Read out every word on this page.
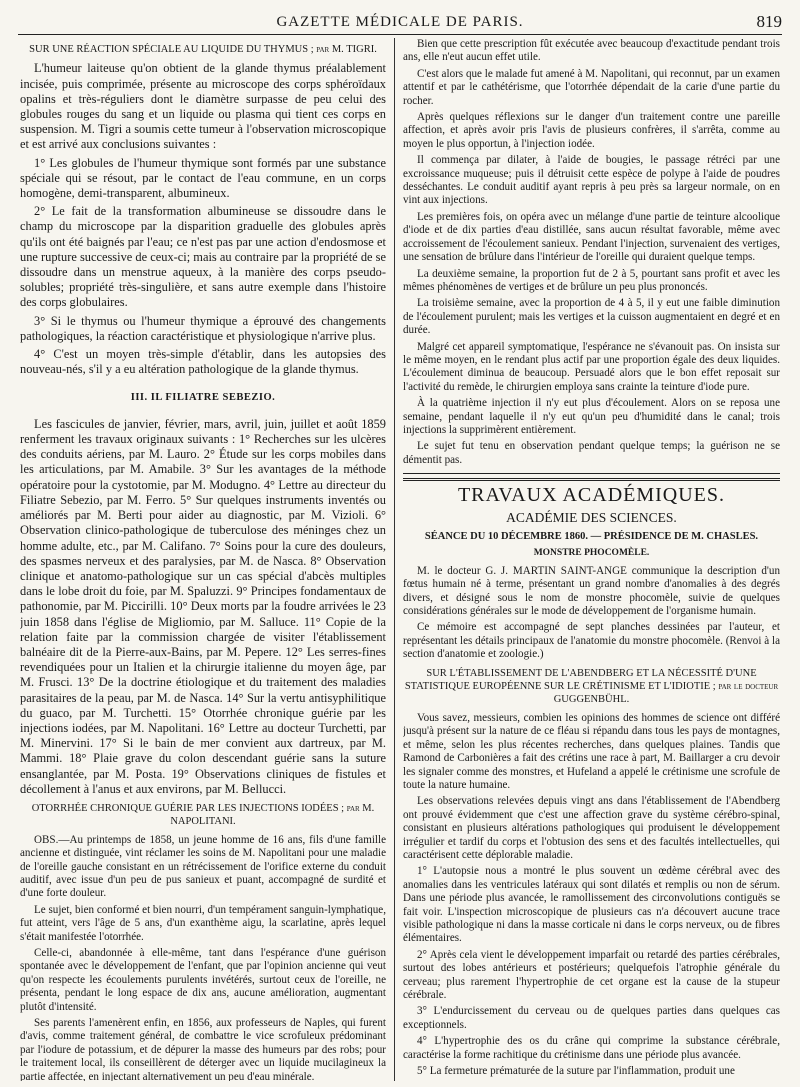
GAZETTE MÉDICALE DE PARIS.	819

SUR UNE RÉACTION SPÉCIALE AU LIQUIDE DU THYMUS ; par M. TIGRI.

L'humeur laiteuse qu'on obtient de la glande thymus préalablement incisée, puis comprimée, présente au microscope des corps sphéroïdaux opalins et très-réguliers dont le diamètre surpasse de peu celui des globules rouges du sang et un liquide ou plasma qui tient ces corps en suspension. M. Tigri a soumis cette tumeur à l'observation microscopique et est arrivé aux conclusions suivantes :

1° Les globules de l'humeur thymique sont formés par une substance spéciale qui se résout, par le contact de l'eau commune, en un corps homogène, demi-transparent, albumineux.

2° Le fait de la transformation albumineuse se dissoudre dans le champ du microscope par la disparition graduelle des globules après qu'ils ont été baignés par l'eau; ce n'est pas par une action d'endosmose et une rupture successive de ceux-ci; mais au contraire par la propriété de se dissoudre dans un menstrue aqueux, à la manière des corps pseudo-solubles; propriété très-singulière, et sans autre exemple dans l'histoire des corps globulaires.

3° Si le thymus ou l'humeur thymique a éprouvé des changements pathologiques, la réaction caractéristique et physiologique n'arrive plus.

4° C'est un moyen très-simple d'établir, dans les autopsies des nouveau-nés, s'il y a eu altération pathologique de la glande thymus.

III. IL FILIATRE SEBEZIO.

Les fascicules de janvier, février, mars, avril, juin, juillet et août 1859 renferment les travaux originaux suivants : 1° Recherches sur les ulcères des conduits aériens, par M. Lauro. 2° Étude sur les corps mobiles dans les articulations, par M. Amabile. 3° Sur les avantages de la méthode opératoire pour la cystotomie, par M. Modugno. 4° Lettre au directeur du Filiatre Sebezio, par M. Ferro. 5° Sur quelques instruments inventés ou améliorés par M. Berti pour aider au diagnostic, par M. Vizioli. 6° Observation clinico-pathologique de tuberculose des méninges chez un homme adulte, etc., par M. Califano. 7° Soins pour la cure des douleurs, des spasmes nerveux et des paralysies, par M. de Nasca. 8° Observation clinique et anatomo-pathologique sur un cas spécial d'abcès multiples dans le lobe droit du foie, par M. Spaluzzi. 9° Principes fondamentaux de pathonomie, par M. Piccirilli. 10° Deux morts par la foudre arrivées le 23 juin 1858 dans l'église de Migliomio, par M. Salluce. 11° Copie de la relation faite par la commission chargée de visiter l'établissement balnéaire dit de la Pierre-aux-Bains, par M. Pepere. 12° Les serres-fines revendiquées pour un Italien et la chirurgie italienne du moyen âge, par M. Frusci. 13° De la doctrine étiologique et du traitement des maladies parasitaires de la peau, par M. de Nasca. 14° Sur la vertu antisyphilitique du guaco, par M. Turchetti. 15° Otorrhée chronique guérie par les injections iodées, par M. Napolitani. 16° Lettre au docteur Turchetti, par M. Minervini. 17° Si le bain de mer convient aux dartreux, par M. Mammi. 18° Plaie grave du colon descendant guérie sans la suture ensanglantée, par M. Posta. 19° Observations cliniques de fistules et décollement à l'anus et aux environs, par M. Bellucci.

OTORRHÉE CHRONIQUE GUÉRIE PAR LES INJECTIONS IODÉES ; par M. NAPOLITANI.

OBS.—Au printemps de 1858, un jeune homme de 16 ans, fils d'une famille ancienne et distinguée, vint réclamer les soins de M. Napolitani pour une maladie de l'oreille gauche consistant en un rétrécissement de l'orifice externe du conduit auditif, avec issue d'un peu de pus sanieux et puant, accompagné de surdité et d'une forte douleur.

Le sujet, bien conformé et bien nourri, d'un tempérament sanguin-lymphatique, fut atteint, vers l'âge de 5 ans, d'un exanthème aigu, la scarlatine, après lequel s'était manifestée l'otorrhée.

Celle-ci, abandonnée à elle-même, tant dans l'espérance d'une guérison spontanée avec le développement de l'enfant, que par l'opinion ancienne qui veut qu'on respecte les écoulements purulents invétérés, surtout ceux de l'oreille, ne présenta, pendant le long espace de dix ans, aucune amélioration, augmentant plutôt d'intensité.

Ses parents l'amenèrent enfin, en 1856, aux professeurs de Naples, qui furent d'avis, comme traitement général, de combattre le vice scrofuleux prédominant par l'iodure de potassium, et de dépurer la masse des humeurs par des robs; pour le traitement local, ils conseillèrent de déterger avec un liquide mucilagineux la partie affectée, en injectant alternativement un peu d'eau minérale.

Bien que cette prescription fût exécutée avec beaucoup d'exactitude pendant trois ans, elle n'eut aucun effet utile.

C'est alors que le malade fut amené à M. Napolitani, qui reconnut, par un examen attentif et par le cathétérisme, que l'otorrhée dépendait de la carie d'une partie du rocher.

Après quelques réflexions sur le danger d'un traitement contre une pareille affection, et après avoir pris l'avis de plusieurs confrères, il s'arrêta, comme au moyen le plus opportun, à l'injection iodée.

Il commença par dilater, à l'aide de bougies, le passage rétréci par une excroissance muqueuse; puis il détruisit cette espèce de polype à l'aide de poudres desséchantes. Le conduit auditif ayant repris à peu près sa largeur normale, on en vint aux injections.

Les premières fois, on opéra avec un mélange d'une partie de teinture alcoolique d'iode et de dix parties d'eau distillée, sans aucun résultat favorable, même avec accroissement de l'écoulement sanieux. Pendant l'injection, survenaient des vertiges, une sensation de brûlure dans l'intérieur de l'oreille qui duraient quelque temps.

La deuxième semaine, la proportion fut de 2 à 5, pourtant sans profit et avec les mêmes phénomènes de vertiges et de brûlure un peu plus prononcés.

La troisième semaine, avec la proportion de 4 à 5, il y eut une faible diminution de l'écoulement purulent; mais les vertiges et la cuisson augmentaient en degré et en durée.

Malgré cet appareil symptomatique, l'espérance ne s'évanouit pas. On insista sur le même moyen, en le rendant plus actif par une proportion égale des deux liquides. L'écoulement diminua de beaucoup. Persuadé alors que le bon effet reposait sur l'activité du remède, le chirurgien employa sans crainte la teinture d'iode pure.

À la quatrième injection il n'y eut plus d'écoulement. Alors on se reposa une semaine, pendant laquelle il n'y eut qu'un peu d'humidité dans le canal; trois injections la supprimèrent entièrement.

Le sujet fut tenu en observation pendant quelque temps; la guérison ne se démentit pas.

TRAVAUX ACADÉMIQUES.
ACADÉMIE DES SCIENCES.
SÉANCE DU 10 DÉCEMBRE 1860. — PRÉSIDENCE DE M. CHASLES.
MONSTRE PHOCOMÈLE.

M. le docteur G. J. MARTIN SAINT-ANGE communique la description d'un fœtus humain né à terme, présentant un grand nombre d'anomalies à des degrés divers, et désigné sous le nom de monstre phocomèle, suivie de quelques considérations générales sur le mode de développement de l'organisme humain.

Ce mémoire est accompagné de sept planches dessinées par l'auteur, et représentant les détails principaux de l'anatomie du monstre phocomèle. (Renvoi à la section d'anatomie et zoologie.)

SUR L'ÉTABLISSEMENT DE L'ABENDBERG ET LA NÉCESSITÉ D'UNE STATISTIQUE EUROPÉENNE SUR LE CRÉTINISME ET L'IDIOTIE ; par le docteur GUGGENBÜHL.

Vous savez, messieurs, combien les opinions des hommes de science ont différé jusqu'à présent sur la nature de ce fléau si répandu dans tous les pays de montagnes, et même, selon les plus récentes recherches, dans quelques plaines. Tandis que Ramond de Carbonières a fait des crétins une race à part, M. Baillarger a cru devoir les signaler comme des monstres, et Hufeland a appelé le crétinisme une scrofule de toute la nature humaine.

Les observations relevées depuis vingt ans dans l'établissement de l'Abendberg ont prouvé évidemment que c'est une affection grave du système cérébro-spinal, consistant en plusieurs altérations pathologiques qui produisent le développement irrégulier et tardif du corps et l'obtusion des sens et des facultés intellectuelles, qui caractérisent cette déplorable maladie.

1° L'autopsie nous a montré le plus souvent un œdème cérébral avec des anomalies dans les ventricules latéraux qui sont dilatés et remplis ou non de sérum. Dans une période plus avancée, le ramollissement des circonvolutions contiguës se fait voir. L'inspection microscopique de plusieurs cas n'a découvert aucune trace visible pathologique ni dans la masse corticale ni dans le corps nerveux, ou de fibres élémentaires.

2° Après cela vient le développement imparfait ou retardé des parties cérébrales, surtout des lobes antérieurs et postérieurs; quelquefois l'atrophie générale du cerveau; plus rarement l'hypertrophie de cet organe est la cause de la stupeur cérébrale.

3° L'endurcissement du cerveau ou de quelques parties dans quelques cas exceptionnels.

4° L'hypertrophie des os du crâne qui comprime la substance cérébrale, caractérise la forme rachitique du crétinisme dans une période plus avancée.

5° La fermeture prématurée de la suture par l'inflammation, produit une
